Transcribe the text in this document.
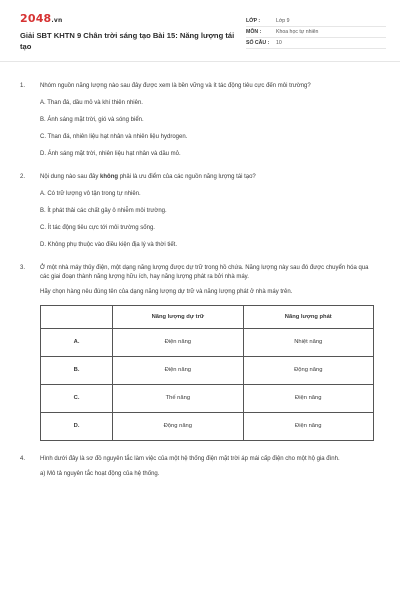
2048.vn
Giải SBT KHTN 9 Chân trời sáng tạo Bài 15: Năng lượng tái tạo
LỚP :	Lớp 9
MÔN :	Khoa học tự nhiên
SỐ CÂU :	10
1.	Nhóm nguồn năng lượng nào sau đây được xem là bền vững và ít tác động tiêu cực đến môi trường?
A. Than đá, dầu mỏ và khí thiên nhiên.
B. Ánh sáng mặt trời, gió và sóng biển.
C. Than đá, nhiên liệu hạt nhân và nhiên liệu hydrogen.
D. Ánh sáng mặt trời, nhiên liệu hạt nhân và dầu mỏ.
2.	Nội dung nào sau đây không phải là ưu điểm của các nguồn năng lượng tái tạo?
A. Có trữ lượng vô tận trong tự nhiên.
B. Ít phát thải các chất gây ô nhiễm môi trường.
C. Ít tác động tiêu cực tới môi trường sống.
D. Không phụ thuộc vào điều kiện địa lý và thời tiết.
3.	Ở một nhà máy thủy điện, một dạng năng lượng được dự trữ trong hồ chứa. Năng lượng này sau đó được chuyển hóa qua các giai đoạn thành năng lượng hữu ích, hay năng lượng phát ra bởi nhà máy.
Hãy chọn hàng nêu đúng tên của dạng năng lượng dự trữ và năng lượng phát ở nhà máy trên.
	Năng lượng dự trữ	Năng lượng phát
A.	Điện năng	Nhiệt năng
B.	Điện năng	Động năng
C.	Thế năng	Điện năng
D.	Động năng	Điện năng
4.	Hình dưới đây là sơ đồ nguyên tắc làm việc của một hệ thống điện mặt trời áp mái cấp điện cho một hộ gia đình.
a) Mô tả nguyên tắc hoạt động của hệ thống.
